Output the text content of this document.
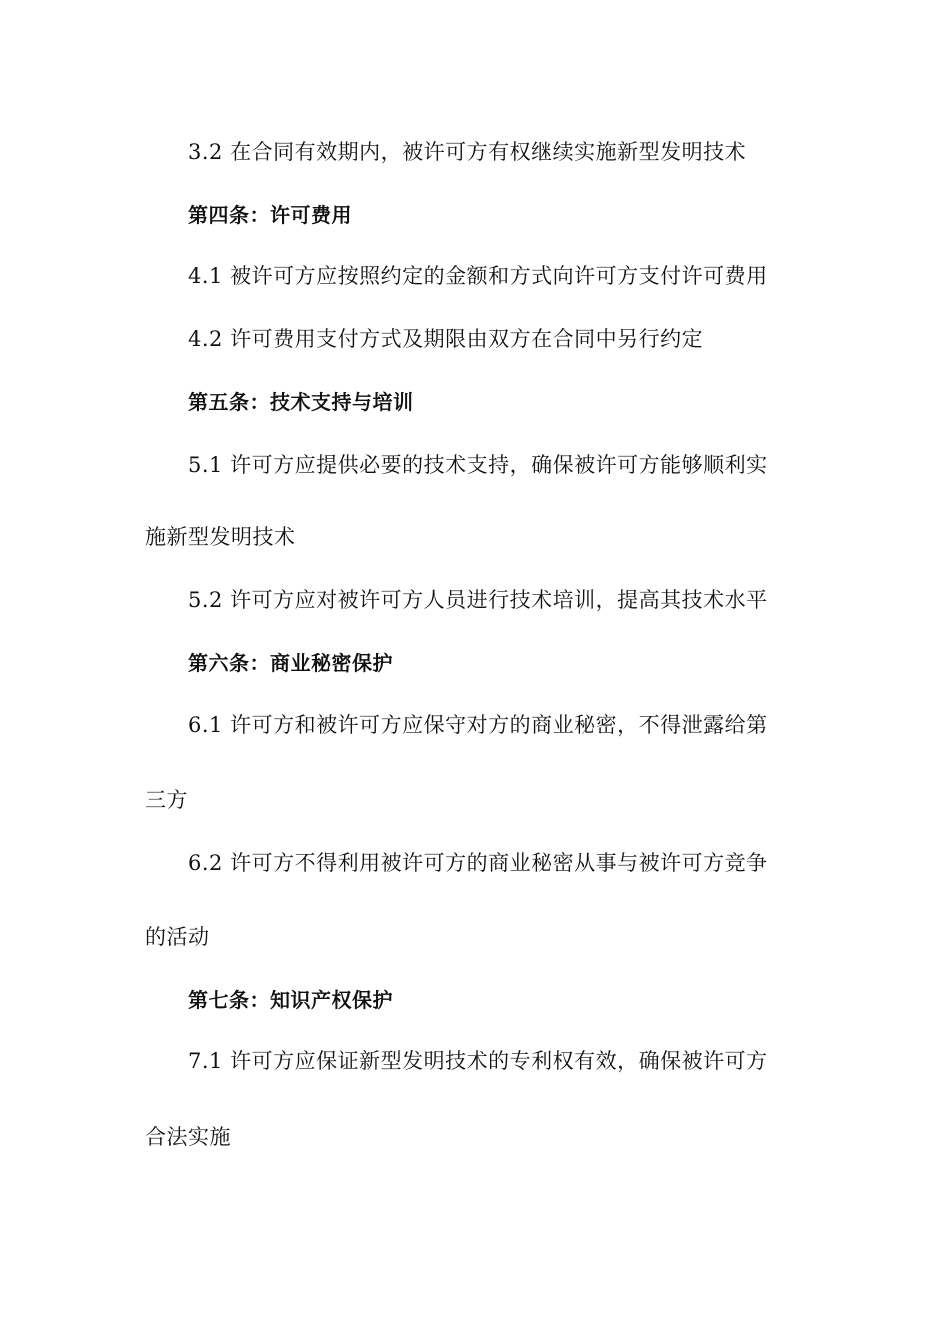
3.2 在合同有效期内，被许可方有权继续实施新型发明技术
第四条：许可费用
4.1 被许可方应按照约定的金额和方式向许可方支付许可费用
4.2 许可费用支付方式及期限由双方在合同中另行约定
第五条：技术支持与培训
5.1 许可方应提供必要的技术支持，确保被许可方能够顺利实
施新型发明技术
5.2 许可方应对被许可方人员进行技术培训，提高其技术水平
第六条：商业秘密保护
6.1 许可方和被许可方应保守对方的商业秘密，不得泄露给第
三方
6.2 许可方不得利用被许可方的商业秘密从事与被许可方竞争
的活动
第七条：知识产权保护
7.1 许可方应保证新型发明技术的专利权有效，确保被许可方
合法实施
